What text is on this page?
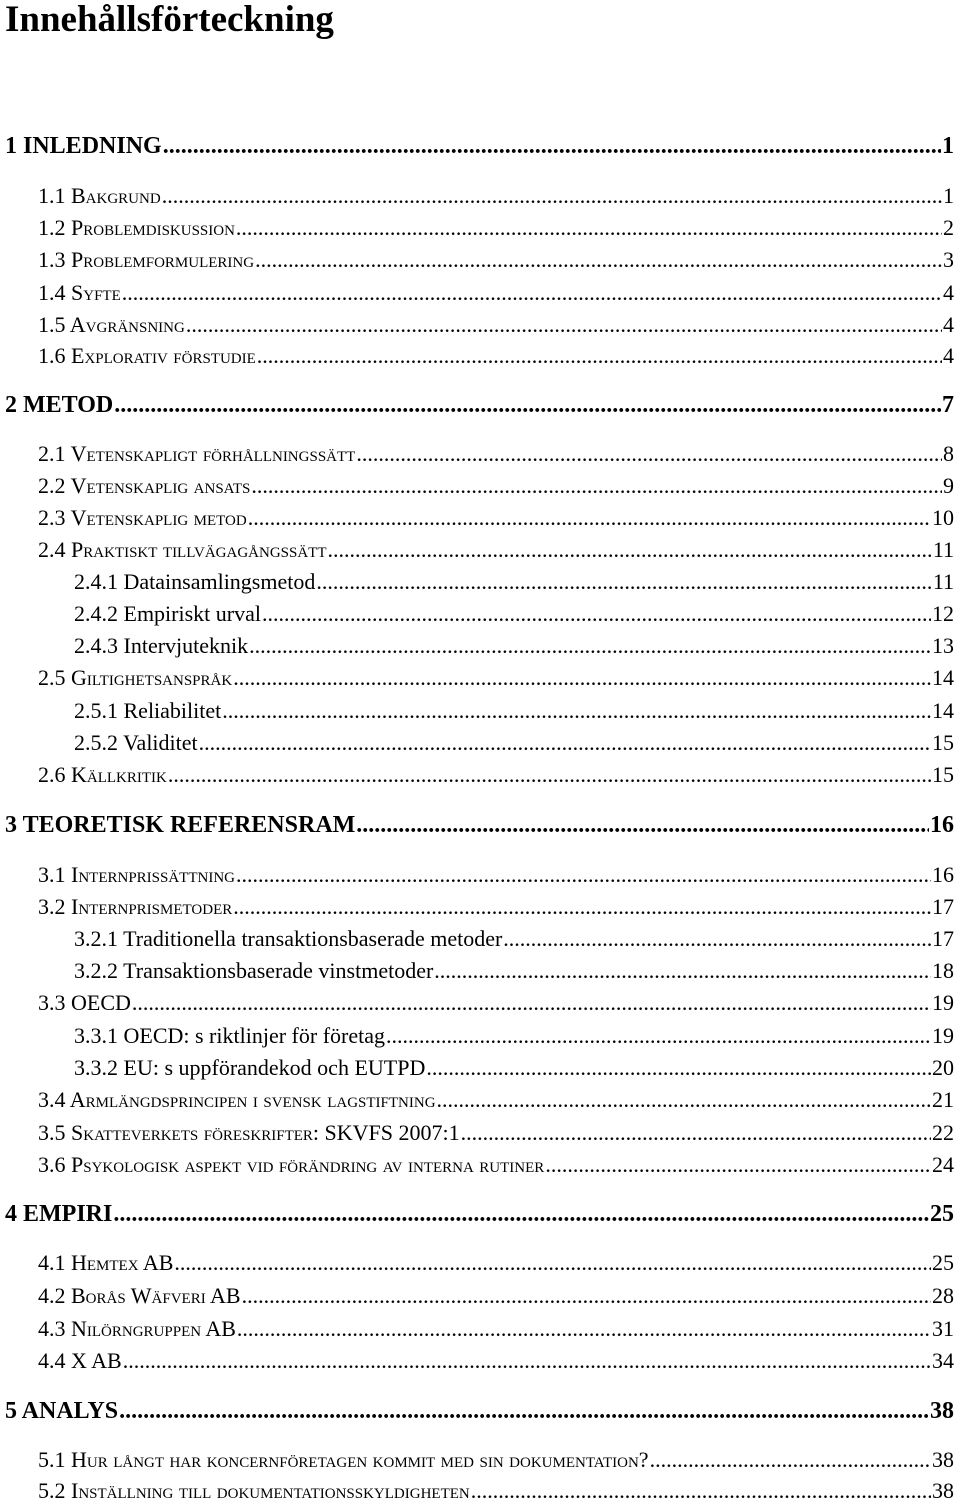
Innehållsförteckning
1 INLEDNING .....	1
1.1 Bakgrund .....	1
1.2 Problemdiskussion .....	2
1.3 Problemformulering .....	3
1.4 Syfte .....	4
1.5 Avgränsning .....	4
1.6 Explorativ förstudie .....	4
2 METOD .....	7
2.1 Vetenskapligt förhållningssätt .....	8
2.2 Vetenskaplig ansats .....	9
2.3 Vetenskaplig metod .....	10
2.4 Praktiskt tillvägagångssätt .....	11
2.4.1 Datainsamlingsmetod .....	11
2.4.2 Empiriskt urval .....	12
2.4.3 Intervjuteknik .....	13
2.5 Giltighetsanspråk .....	14
2.5.1 Reliabilitet .....	14
2.5.2 Validitet .....	15
2.6 Källkritik .....	15
3 TEORETISK REFERENSRAM .....	16
3.1 Internprissättning .....	16
3.2 Internprismetoder .....	17
3.2.1 Traditionella transaktionsbaserade metoder .....	17
3.2.2 Transaktionsbaserade vinstmetoder .....	18
3.3 OECD .....	19
3.3.1 OECD: s riktlinjer för företag .....	19
3.3.2 EU: s uppförandekod och EUTPD .....	20
3.4 Armlängdsprincipen i svensk lagstiftning .....	21
3.5 Skatteverkets föreskrifter: SKVFS 2007:1 .....	22
3.6 Psykologisk aspekt vid förändring av interna rutiner .....	24
4 EMPIRI .....	25
4.1 Hemtex AB .....	25
4.2 Borås Wäfveri AB .....	28
4.3 Nilörngruppen AB .....	31
4.4 X AB .....	34
5 ANALYS .....	38
5.1 Hur långt har koncernföretagen kommit med sin dokumentation? .....	38
5.2 Inställning till dokumentationsskyldigheten .....	38
